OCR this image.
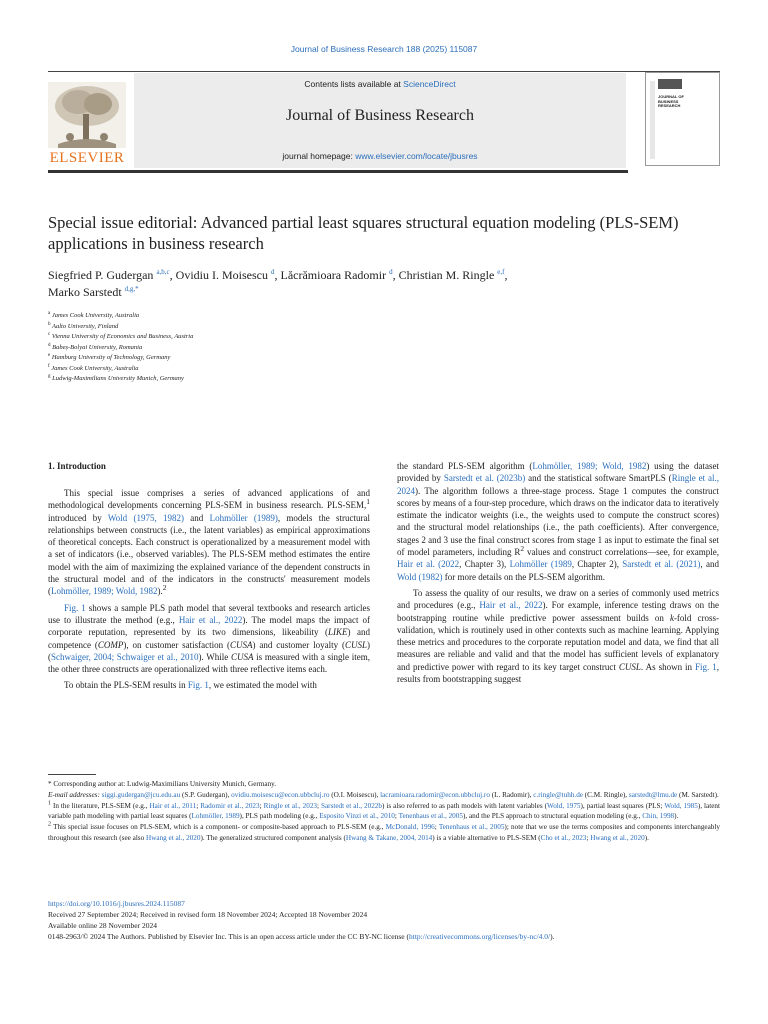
Journal of Business Research 188 (2025) 115087
ELSEVIER
Contents lists available at ScienceDirect
Journal of Business Research
journal homepage: www.elsevier.com/locate/jbusres
JOURNAL OF BUSINESS RESEARCH
Special issue editorial: Advanced partial least squares structural equation modeling (PLS-SEM) applications in business research
Siegfried P. Gudergan $^{a,b,c}$, Ovidiu I. Moisescu $^d$, Lăcrămioara Radomir $^d$, Christian M. Ringle $^{e,f}$,
Marko Sarstedt $^{d,g,*}$
$^a$ James Cook University, Australia
$^b$ Aalto University, Finland
$^c$ Vienna University of Economics and Business, Austria
$^d$ Babeș-Bolyai University, Romania
$^e$ Hamburg University of Technology, Germany
$^f$ James Cook University, Australia
$^g$ Ludwig-Maximilians University Munich, Germany
1. Introduction

This special issue comprises a series of advanced applications of and methodological developments concerning PLS-SEM in business research. PLS-SEM,$^1$ introduced by Wold (1975, 1982) and Lohmöller (1989), models the structural relationships between constructs (i.e., the latent variables) as empirical approximations of theoretical concepts. Each construct is operationalized by a measurement model with a set of indicators (i.e., observed variables). The PLS-SEM method estimates the entire model with the aim of maximizing the explained variance of the dependent constructs in the structural model and of the indicators in the constructs' measurement models (Lohmöller, 1989; Wold, 1982).$^2$

Fig. 1 shows a sample PLS path model that several textbooks and research articles use to illustrate the method (e.g., Hair et al., 2022). The model maps the impact of corporate reputation, represented by its two dimensions, likeability (LIKE) and competence (COMP), on customer satisfaction (CUSA) and customer loyalty (CUSL) (Schwaiger, 2004; Schwaiger et al., 2010). While CUSA is measured with a single item, the other three constructs are operationalized with three reflective items each.

To obtain the PLS-SEM results in Fig. 1, we estimated the model with

the standard PLS-SEM algorithm (Lohmöller, 1989; Wold, 1982) using the dataset provided by Sarstedt et al. (2023b) and the statistical software SmartPLS (Ringle et al., 2024). The algorithm follows a three-stage process. Stage 1 computes the construct scores by means of a four-step procedure, which draws on the indicator data to iteratively estimate the indicator weights (i.e., the weights used to compute the construct scores) and the structural model relationships (i.e., the path coefficients). After convergence, stages 2 and 3 use the final construct scores from stage 1 as input to estimate the final set of model parameters, including $R^2$ values and construct correlations—see, for example, Hair et al. (2022, Chapter 3), Lohmöller (1989, Chapter 2), Sarstedt et al. (2021), and Wold (1982) for more details on the PLS-SEM algorithm.

To assess the quality of our results, we draw on a series of commonly used metrics and procedures (e.g., Hair et al., 2022). For example, inference testing draws on the bootstrapping routine while predictive power assessment builds on k-fold cross-validation, which is routinely used in other contexts such as machine learning. Applying these metrics and procedures to the corporate reputation model and data, we find that all measures are reliable and valid and that the model has sufficient levels of explanatory and predictive power with regard to its key target construct CUSL. As shown in Fig. 1, results from bootstrapping suggest

* Corresponding author at: Ludwig-Maximilians University Munich, Germany.

E-mail addresses: siggi.gudergan@jcu.edu.au (S.P. Gudergan), ovidiu.moisescu@econ.ubbcluj.ro (O.I. Moisescu), lacramioara.radomir@econ.ubbcluj.ro (L. Radomir), c.ringle@tuhh.de (C.M. Ringle), sarstedt@lmu.de (M. Sarstedt).

$^1$ In the literature, PLS-SEM (e.g., Hair et al., 2011; Radomir et al., 2023; Ringle et al., 2023; Sarstedt et al., 2022b) is also referred to as path models with latent variables (Wold, 1975), partial least squares (PLS; Wold, 1985), latent variable path modeling with partial least squares (Lohmöller, 1989), PLS path modeling (e.g., Esposito Vinzi et al., 2010; Tenenhaus et al., 2005), and the PLS approach to structural equation modeling (e.g., Chin, 1998).

$^2$ This special issue focuses on PLS-SEM, which is a component- or composite-based approach to PLS-SEM (e.g., McDonald, 1996; Tenenhaus et al., 2005); note that we use the terms composites and components interchangeably throughout this research (see also Hwang et al., 2020). The generalized structured component analysis (Hwang & Takane, 2004, 2014) is a viable alternative to PLS-SEM (Cho et al., 2023; Hwang et al., 2020).

https://doi.org/10.1016/j.jbusres.2024.115087

Received 27 September 2024; Received in revised form 18 November 2024; Accepted 18 November 2024

Available online 28 November 2024

0148-2963/© 2024 The Authors. Published by Elsevier Inc. This is an open access article under the CC BY-NC license (http://creativecommons.org/licenses/by-nc/4.0/).
